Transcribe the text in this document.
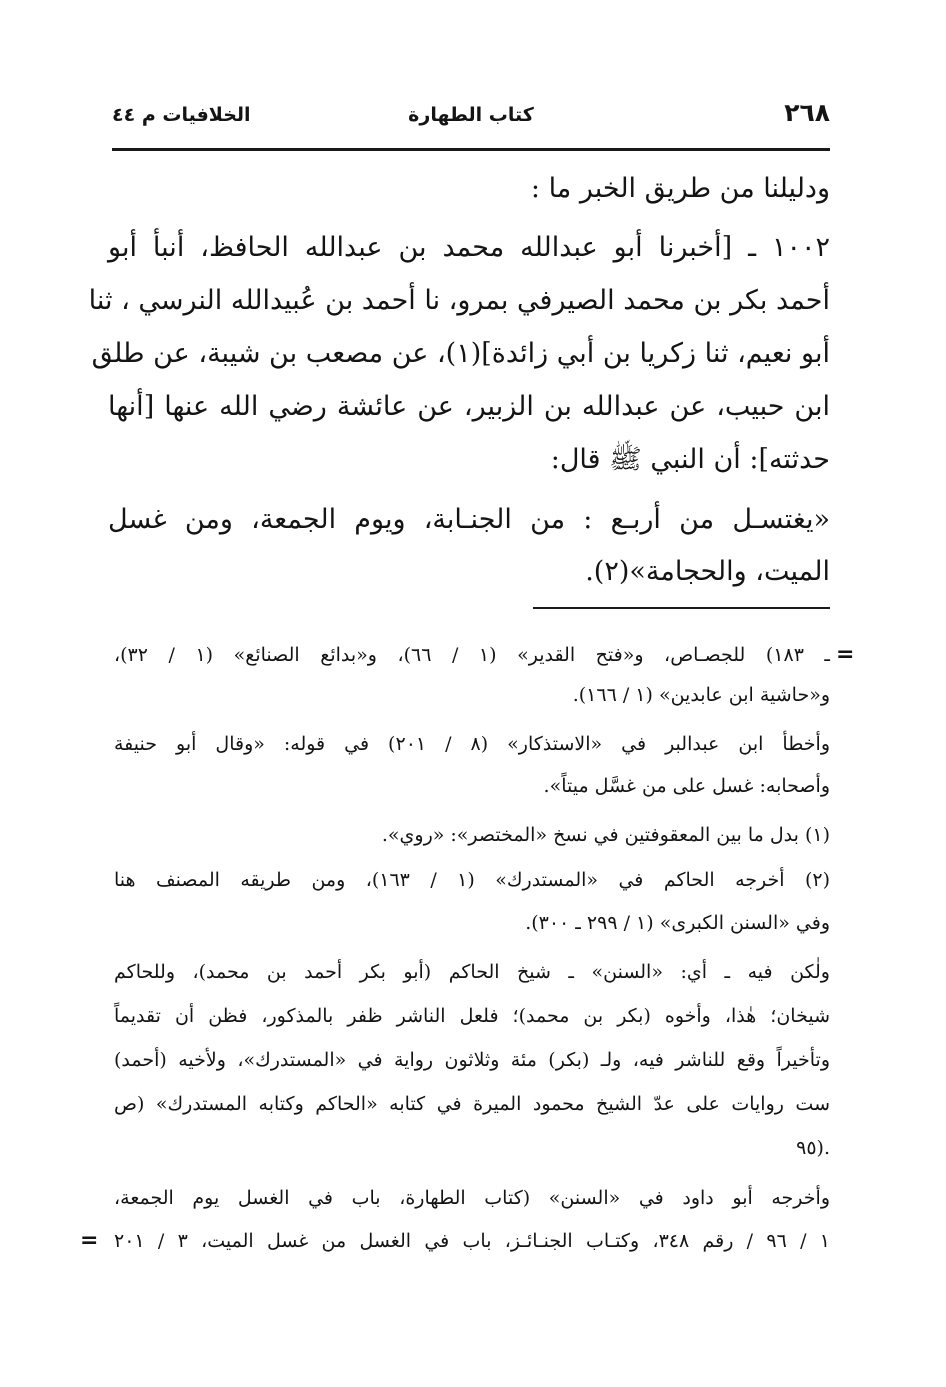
٢٦٨
كتاب الطهارة
الخلافيات م ٤٤
ودليلنا من طريق الخبر ما :
١٠٠٢ ـ [أخبرنا أبو عبدالله محمد بن عبدالله الحافظ، أنبأ أبو
أحمد بكر بن محمد الصيرفي بمرو، نا أحمد بن عُبيدالله النرسي ، ثنا
أبو نعيم، ثنا زكريا بن أبي زائدة](١)، عن مصعب بن شيبة، عن طلق
ابن حبيب، عن عبدالله بن الزبير، عن عائشة رضي الله عنها [أنها
حدثته]: أن النبي ﷺ قال:
«يغتسـل من أربـع : من الجنـابة، ويوم الجمعة، ومن غسل
الميت، والحجامة»(٢).
=
ـ ١٨٣) للجصـاص، و«فتح القدير» (١ / ٦٦)، و«بدائع الصنائع» (١ / ٣٢)،
و«حاشية ابن عابدين» (١ / ١٦٦).
وأخطأ ابن عبدالبر في «الاستذكار» (٨ / ٢٠١) في قوله: «وقال أبو حنيفة
وأصحابه: غسل على من غسَّل ميتاً».
(١) بدل ما بين المعقوفتين في نسخ «المختصر»: «روي».
(٢) أخرجه الحاكم في «المستدرك» (١ / ١٦٣)، ومن طريقه المصنف هنا
وفي «السنن الكبرى» (١ / ٢٩٩ ـ ٣٠٠).
ولٰكن فيه ـ أي: «السنن» ـ شيخ الحاكم (أبو بكر أحمد بن محمد)، وللحاكم
شيخان؛ هٰذا، وأخوه (بكر بن محمد)؛ فلعل الناشر ظفر بالمذكور، فظن أن تقديماً
وتأخيراً وقع للناشر فيه، ولـ (بكر) مئة وثلاثون رواية في «المستدرك»، ولأخيه (أحمد)
ست روايات على عدّ الشيخ محمود الميرة في كتابه «الحاكم وكتابه المستدرك» (ص
.(٩٥
وأخرجه أبو داود في «السنن» (كتاب الطهارة، باب في الغسل يوم الجمعة،
= ١ / ٩٦ / رقم ٣٤٨، وكتـاب الجنـائـز، باب في الغسل من غسل الميت، ٣ / ٢٠١
